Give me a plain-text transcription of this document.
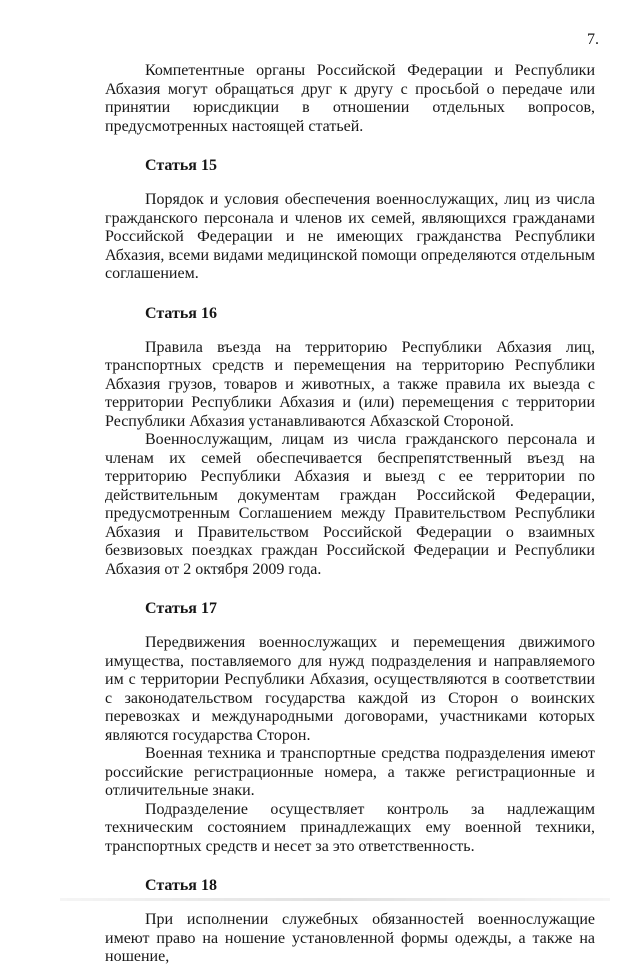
7.

Компетентные органы Российской Федерации и Республики Абхазия могут обращаться друг к другу с просьбой о передаче или принятии юрисдикции в отношении отдельных вопросов, предусмотренных настоящей статьей.

Статья 15

Порядок и условия обеспечения военнослужащих, лиц из числа гражданского персонала и членов их семей, являющихся гражданами Российской Федерации и не имеющих гражданства Республики Абхазия, всеми видами медицинской помощи определяются отдельным соглашением.

Статья 16

Правила въезда на территорию Республики Абхазия лиц, транспортных средств и перемещения на территорию Республики Абхазия грузов, товаров и животных, а также правила их выезда с территории Республики Абхазия и (или) перемещения с территории Республики Абхазия устанавливаются Абхазской Стороной.

Военнослужащим, лицам из числа гражданского персонала и членам их семей обеспечивается беспрепятственный въезд на территорию Республики Абхазия и выезд с ее территории по действительным документам граждан Российской Федерации, предусмотренным Соглашением между Правительством Республики Абхазия и Правительством Российской Федерации о взаимных безвизовых поездках граждан Российской Федерации и Республики Абхазия от 2 октября 2009 года.

Статья 17

Передвижения военнослужащих и перемещения движимого имущества, поставляемого для нужд подразделения и направляемого им с территории Республики Абхазия, осуществляются в соответствии с законодательством государства каждой из Сторон о воинских перевозках и международными договорами, участниками которых являются государства Сторон.

Военная техника и транспортные средства подразделения имеют российские регистрационные номера, а также регистрационные и отличительные знаки.

Подразделение осуществляет контроль за надлежащим техническим состоянием принадлежащих ему военной техники, транспортных средств и несет за это ответственность.

Статья 18

При исполнении служебных обязанностей военнослужащие имеют право на ношение установленной формы одежды, а также на ношение,
